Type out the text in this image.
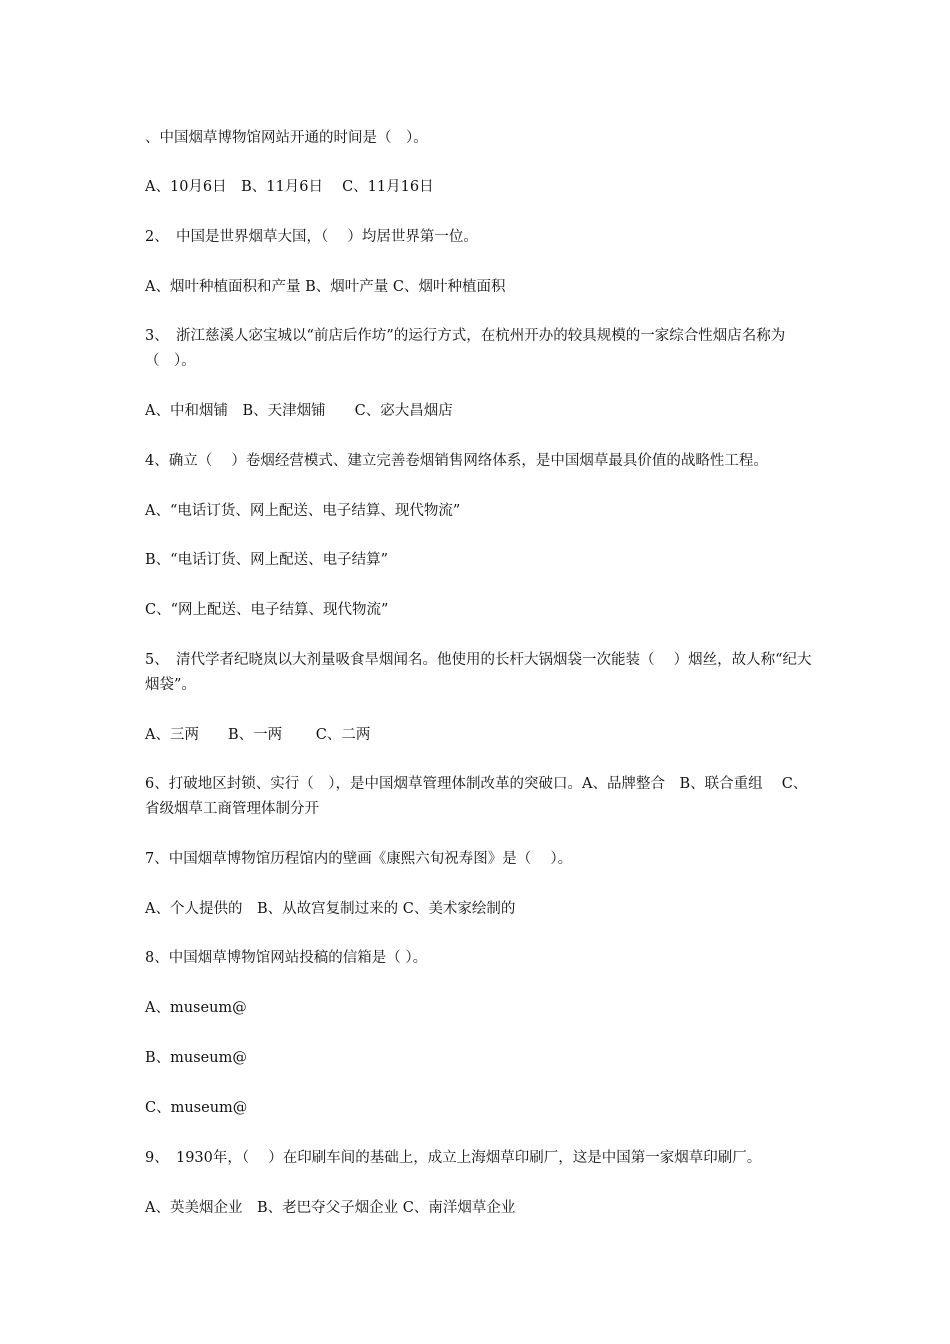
、中国烟草博物馆网站开通的时间是（　）。

A、10月6日　B、11月6日　 C、11月16日

2、　中国是世界烟草大国，（　 ）均居世界第一位。

A、烟叶种植面积和产量 B、烟叶产量 C、烟叶种植面积

3、　浙江慈溪人宓宝城以“前店后作坊”的运行方式，在杭州开办的较具规模的一家综合性烟店名称为（　）。

A、中和烟铺　B、天津烟铺　　C、宓大昌烟店

4、确立（　 ）卷烟经营模式、建立完善卷烟销售网络体系，是中国烟草最具价值的战略性工程。

A、“电话订货、网上配送、电子结算、现代物流”

B、“电话订货、网上配送、电子结算”

C、“网上配送、电子结算、现代物流”

5、　清代学者纪晓岚以大剂量吸食旱烟闻名。他使用的长杆大锅烟袋一次能装（　 ）烟丝，故人称“纪大烟袋”。

A、三两　　B、一两　　 C、二两

6、打破地区封锁、实行（　），是中国烟草管理体制改革的突破口。A、品牌整合　B、联合重组　 C、省级烟草工商管理体制分开

7、中国烟草博物馆历程馆内的壁画《康熙六旬祝寿图》是（　 ）。

A、个人提供的　B、从故宫复制过来的 C、美术家绘制的

8、中国烟草博物馆网站投稿的信箱是（ ）。

A、museum@

B、museum@

C、museum@

9、　1930年，（　 ）在印刷车间的基础上，成立上海烟草印刷厂，这是中国第一家烟草印刷厂。

A、英美烟企业　B、老巴夺父子烟企业 C、南洋烟草企业
